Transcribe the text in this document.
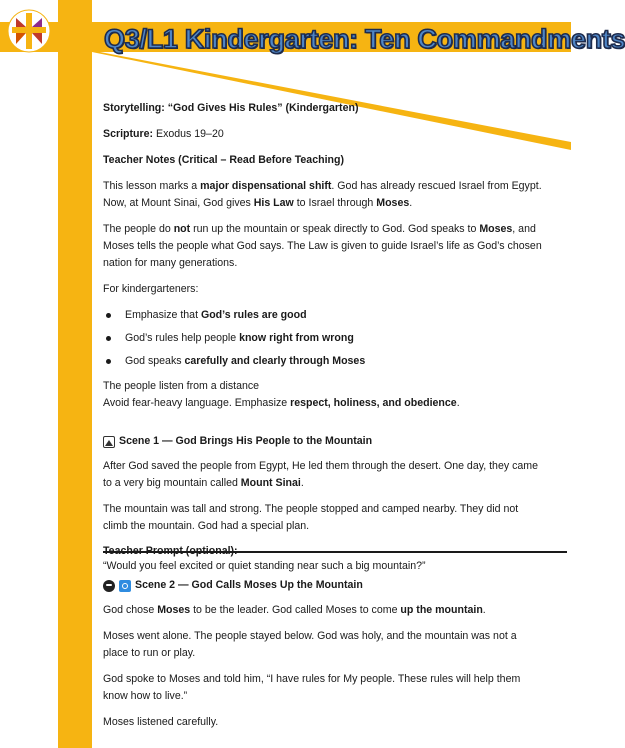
Q3/L1 Kindergarten: Ten Commandments

Storytelling: “God Gives His Rules” (Kindergarten)

Scripture: Exodus 19–20

Teacher Notes (Critical – Read Before Teaching)

This lesson marks a major dispensational shift. God has already rescued Israel from Egypt. Now, at Mount Sinai, God gives His Law to Israel through Moses.

The people do not run up the mountain or speak directly to God. God speaks to Moses, and Moses tells the people what God says. The Law is given to guide Israel’s life as God’s chosen nation for many generations.

For kindergarteners:

Emphasize that God’s rules are good
God’s rules help people know right from wrong
God speaks carefully and clearly through Moses

The people listen from a distance
Avoid fear-heavy language. Emphasize respect, holiness, and obedience.

Scene 1 — God Brings His People to the Mountain

After God saved the people from Egypt, He led them through the desert. One day, they came to a very big mountain called Mount Sinai.

The mountain was tall and strong. The people stopped and camped nearby. They did not climb the mountain. God had a special plan.

“Would you feel excited or quiet standing near such a big mountain?”

Scene 2 — God Calls Moses Up the Mountain

God chose Moses to be the leader. God called Moses to come up the mountain.

Moses went alone. The people stayed below. God was holy, and the mountain was not a place to run or play.

God spoke to Moses and told him, “I have rules for My people. These rules will help them know how to live.”

Moses listened carefully.
